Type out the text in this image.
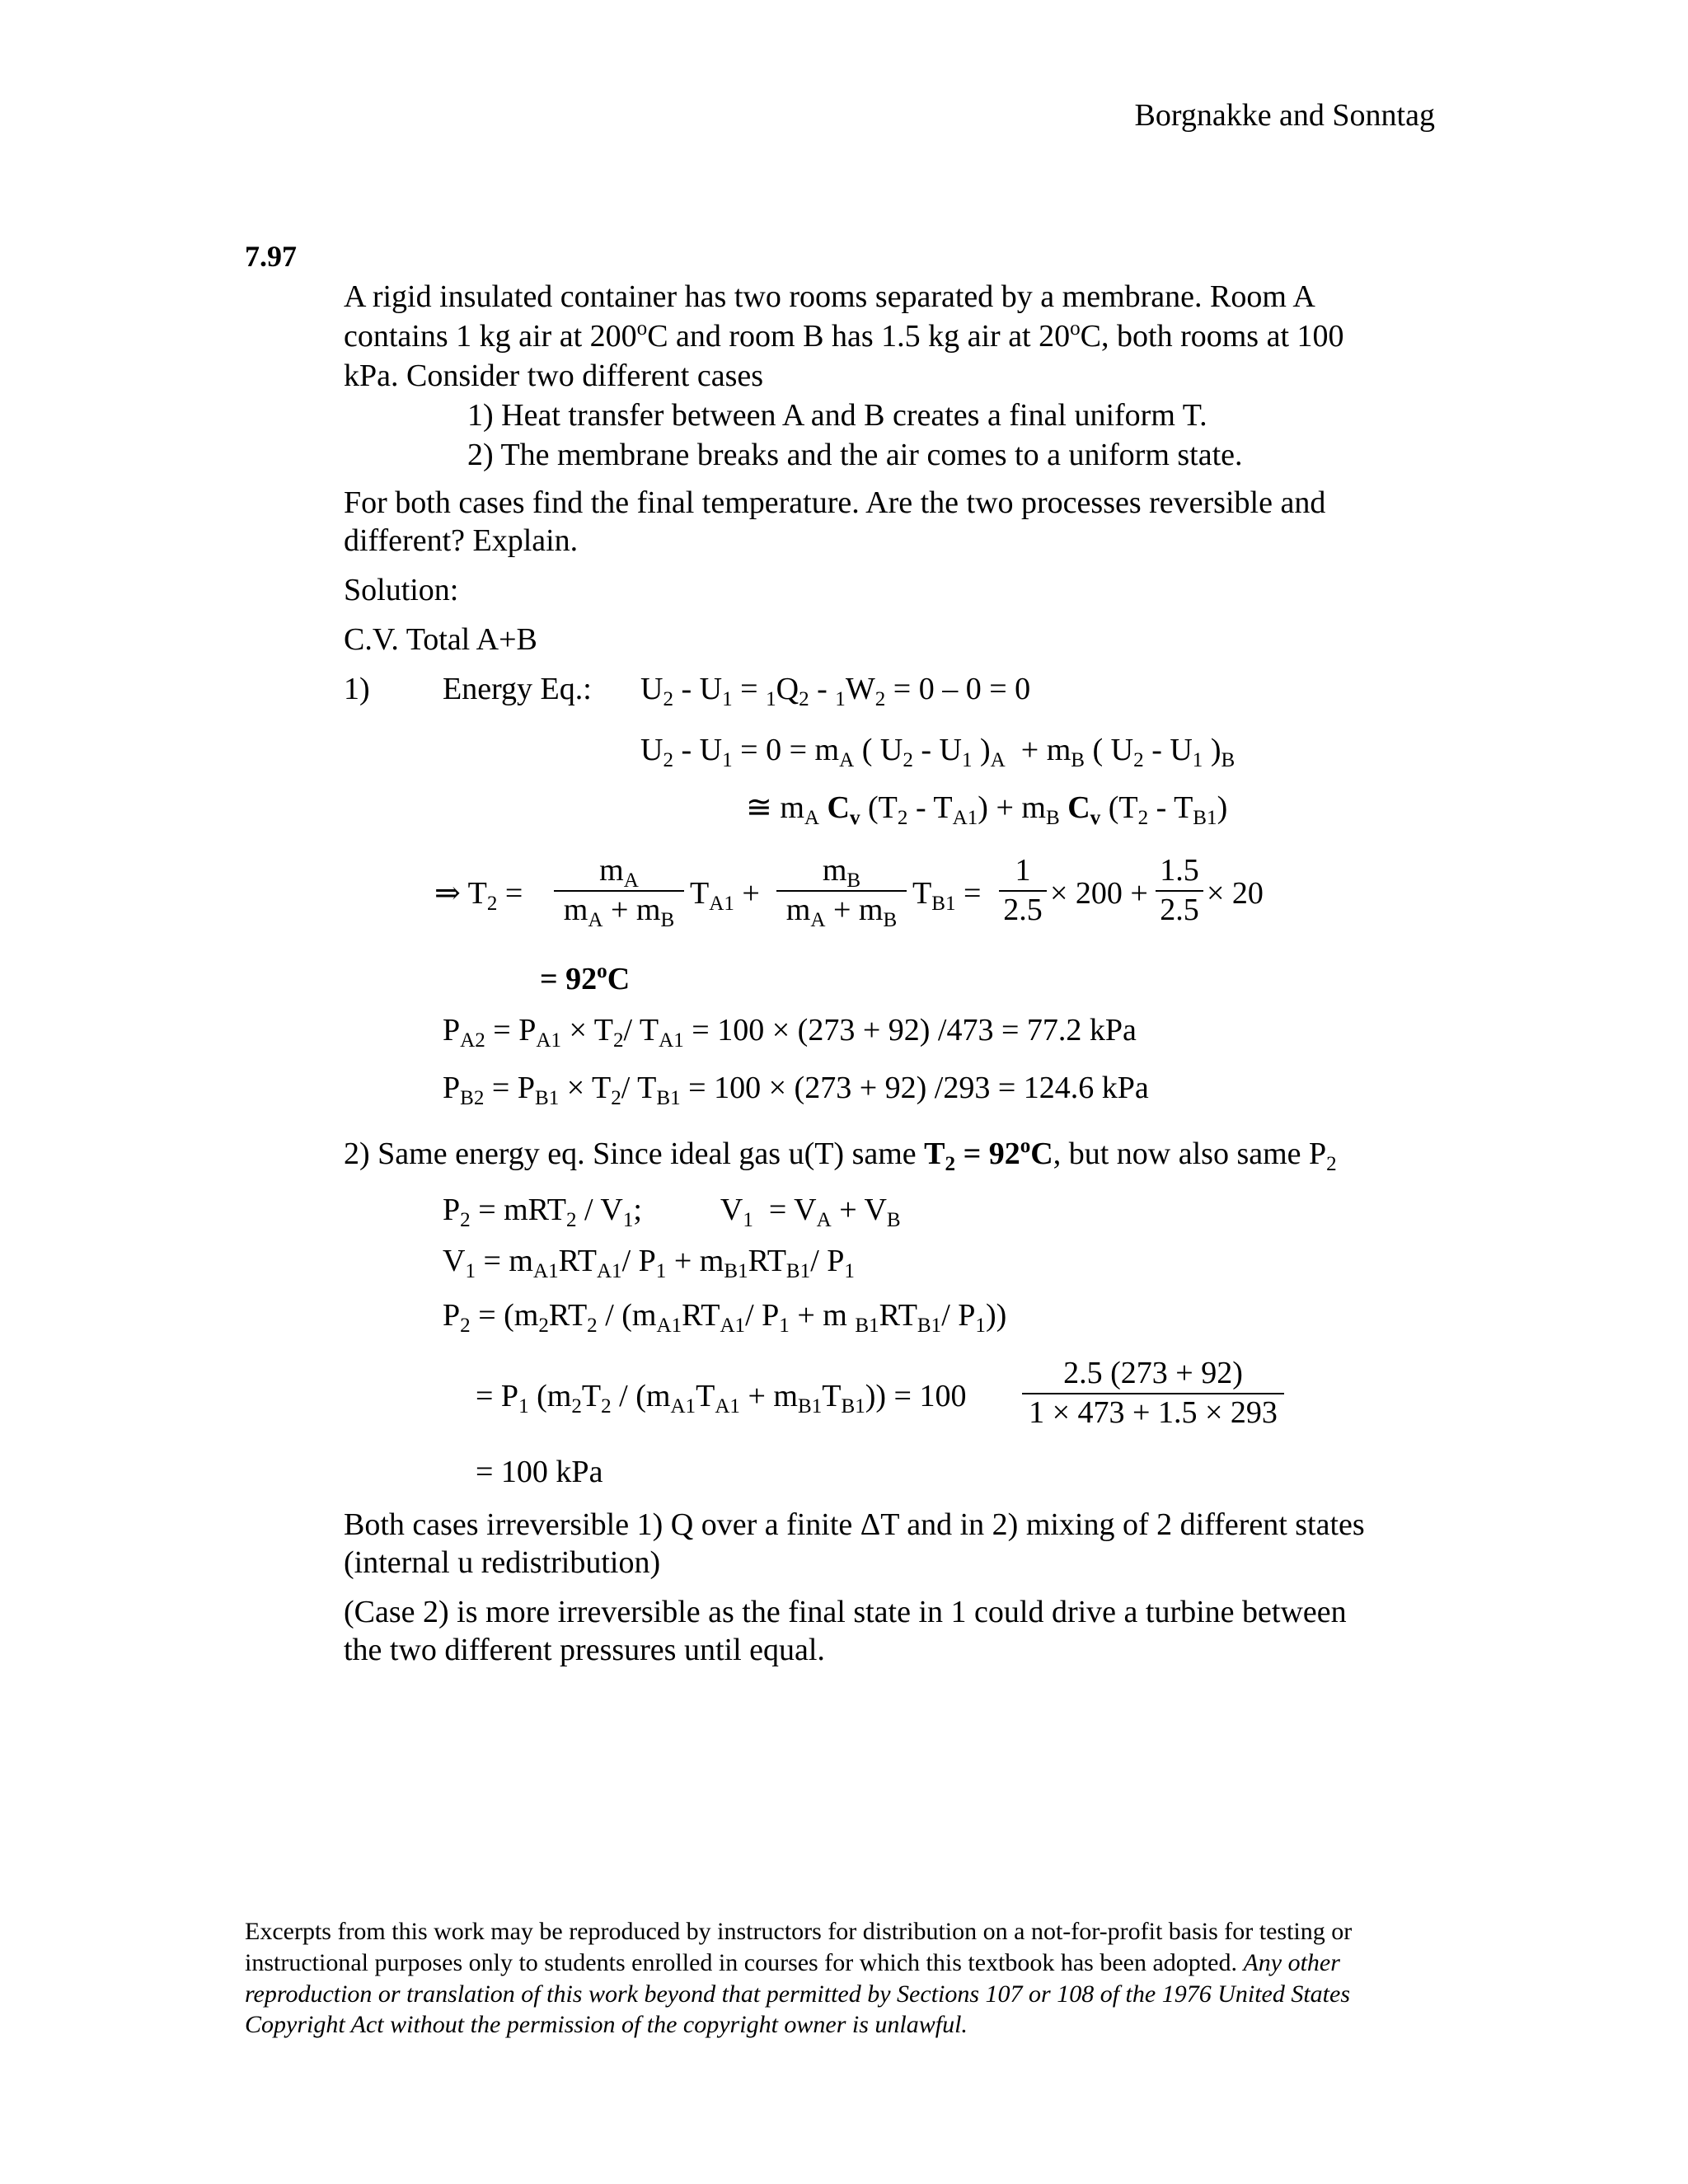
Borgnakke and Sonntag
7.97
A rigid insulated container has two rooms separated by a membrane. Room A
contains 1 kg air at 200$^o$C and room B has 1.5 kg air at 20$^o$C, both rooms at 100
kPa. Consider two different cases
1) Heat transfer between A and B creates a final uniform T.
2) The membrane breaks and the air comes to a uniform state.
For both cases find the final temperature. Are the two processes reversible and
different? Explain.
Solution:
C.V. Total A+B
1) Energy Eq.: $U_2 - U_1 = _1Q_2 - _1W_2 = 0 - 0 = 0$
$U_2 - U_1 = 0 = m_A$ ( $U_2 - U_1$ )$_A + m_B$ ( $U_2 - U_1$ )$_B$
≅ $m_A$ $C_v$ $(T_2 - T_{A1}) + m_B$ $C_v$ $(T_2 - T_{B1})$
⇒ $T_2$ =
$m_A$
$m_A + m_B$
$T_{A1}$ +
$m_B$
$m_A + m_B$
$T_{B1}$ =
1
2.5 × 200 +
1.5
2.5 × 20
= $92^oC$
$P_{A2} = P_{A1} \times T_2/$ $T_{A1} = 100 \times (273 + 92) /473 = 77.2$ kPa
$P_{B2} = P_{B1} \times T_2/$ $T_{B1} = 100 \times (273 + 92) /293 = 124.6$ kPa
2) Same energy eq. Since ideal gas u(T) same $T_2 = 92^oC$, but now also same $P_2$
$P_2 = mRT_2 / V_1$;          $V_1 = V_A + V_B$
$V_1 = m_{A1}RT_{A1}/$ $P_1 + m_{B1}RT_{B1}/$ $P_1$
$P_2 = (m_2RT_2 / (m_{A1}RT_{A1}/$ $P_1 + m$ $_{B1}RT_{B1}/$ $P_1$))
= $P_1$ $(m_2T_2 / (m_{A1}T_{A1} + m_{B1}T_{B1})) = 100$
2.5 (273 + 92)
1 × 473 + 1.5 × 293
= 100 kPa
Both cases irreversible 1) Q over a finite ΔT and in 2) mixing of 2 different states
(internal u redistribution)
(Case 2) is more irreversible as the final state in 1 could drive a turbine between
the two different pressures until equal.
Excerpts from this work may be reproduced by instructors for distribution on a not-for-profit basis for testing or instructional purposes only to students enrolled in courses for which this textbook has been adopted. Any other reproduction or translation of this work beyond that permitted by Sections 107 or 108 of the 1976 United States Copyright Act without the permission of the copyright owner is unlawful.
